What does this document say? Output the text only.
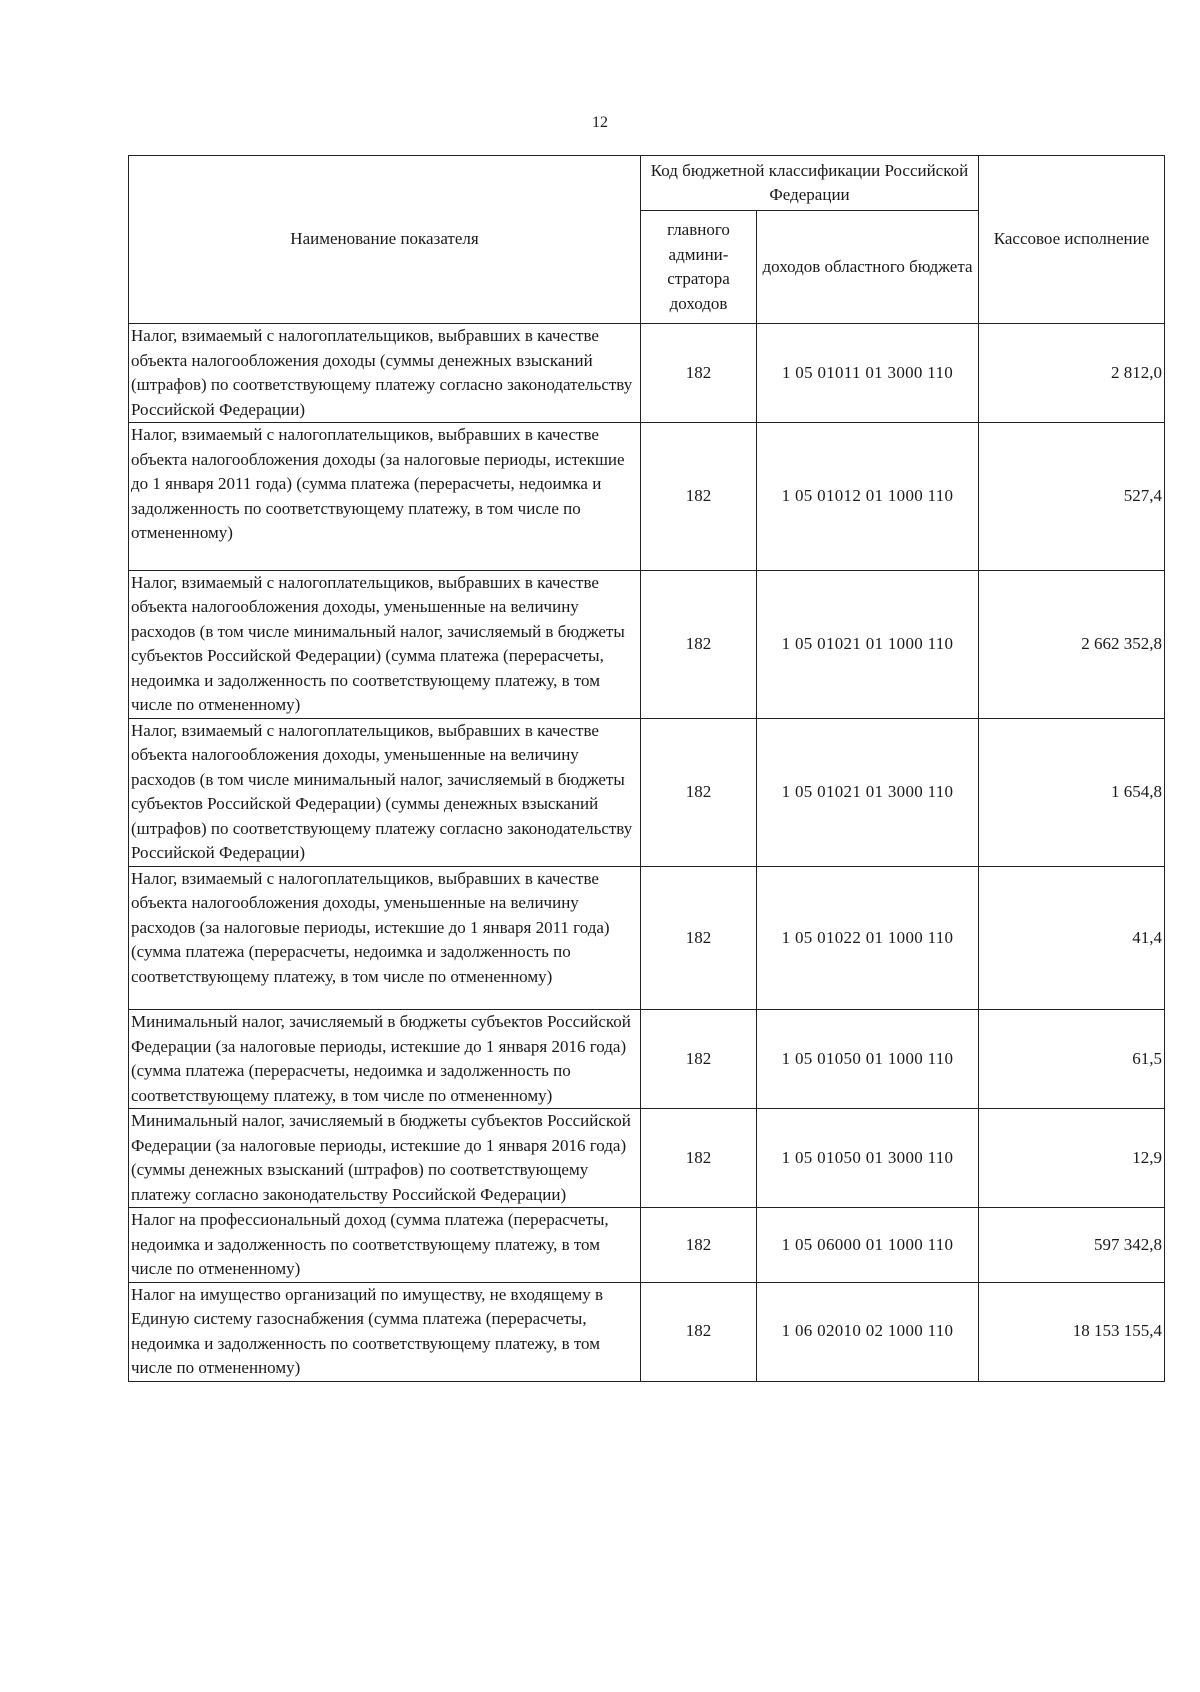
12
Наименование показателя	Код бюджетной классификации Российской Федерации		Кассовое исполнение
	главного админи-стратора доходов	доходов областного бюджета	
Налог, взимаемый с налогоплательщиков, выбравших в качестве объекта налогообложения доходы (суммы денежных взысканий (штрафов) по соответствующему платежу согласно законодательству Российской Федерации)	182	1 05 01011 01 3000 110	2 812,0
Налог, взимаемый с налогоплательщиков, выбравших в качестве объекта налогообложения доходы (за налоговые периоды, истекшие до 1 января 2011 года) (сумма платежа (перерасчеты, недоимка и задолженность по соответствующему платежу, в том числе по отмененному)	182	1 05 01012 01 1000 110	527,4
Налог, взимаемый с налогоплательщиков, выбравших в качестве объекта налогообложения доходы, уменьшенные на величину расходов (в том числе минимальный налог, зачисляемый в бюджеты субъектов Российской Федерации) (сумма платежа (перерасчеты, недоимка и задолженность по соответствующему платежу, в том числе по отмененному)	182	1 05 01021 01 1000 110	2 662 352,8
Налог, взимаемый с налогоплательщиков, выбравших в качестве объекта налогообложения доходы, уменьшенные на величину расходов (в том числе минимальный налог, зачисляемый в бюджеты субъектов Российской Федерации) (суммы денежных взысканий (штрафов) по соответствующему платежу согласно законодательству Российской Федерации)	182	1 05 01021 01 3000 110	1 654,8
Налог, взимаемый с налогоплательщиков, выбравших в качестве объекта налогообложения доходы, уменьшенные на величину расходов (за налоговые периоды, истекшие до 1 января 2011 года) (сумма платежа (перерасчеты, недоимка и задолженность по соответствующему платежу, в том числе по отмененному)	182	1 05 01022 01 1000 110	41,4
Минимальный налог, зачисляемый в бюджеты субъектов Российской Федерации (за налоговые периоды, истекшие до 1 января 2016 года) (сумма платежа (перерасчеты, недоимка и задолженность по соответствующему платежу, в том числе по отмененному)	182	1 05 01050 01 1000 110	61,5
Минимальный налог, зачисляемый в бюджеты субъектов Российской Федерации (за налоговые периоды, истекшие до 1 января 2016 года) (суммы денежных взысканий (штрафов) по соответствующему платежу согласно законодательству Российской Федерации)	182	1 05 01050 01 3000 110	12,9
Налог на профессиональный доход (сумма платежа (перерасчеты, недоимка и задолженность по соответствующему платежу, в том числе по отмененному)	182	1 05 06000 01 1000 110	597 342,8
Налог на имущество организаций по имуществу, не входящему в Единую систему газоснабжения (сумма платежа (перерасчеты, недоимка и задолженность по соответствующему платежу, в том числе по отмененному)	182	1 06 02010 02 1000 110	18 153 155,4
